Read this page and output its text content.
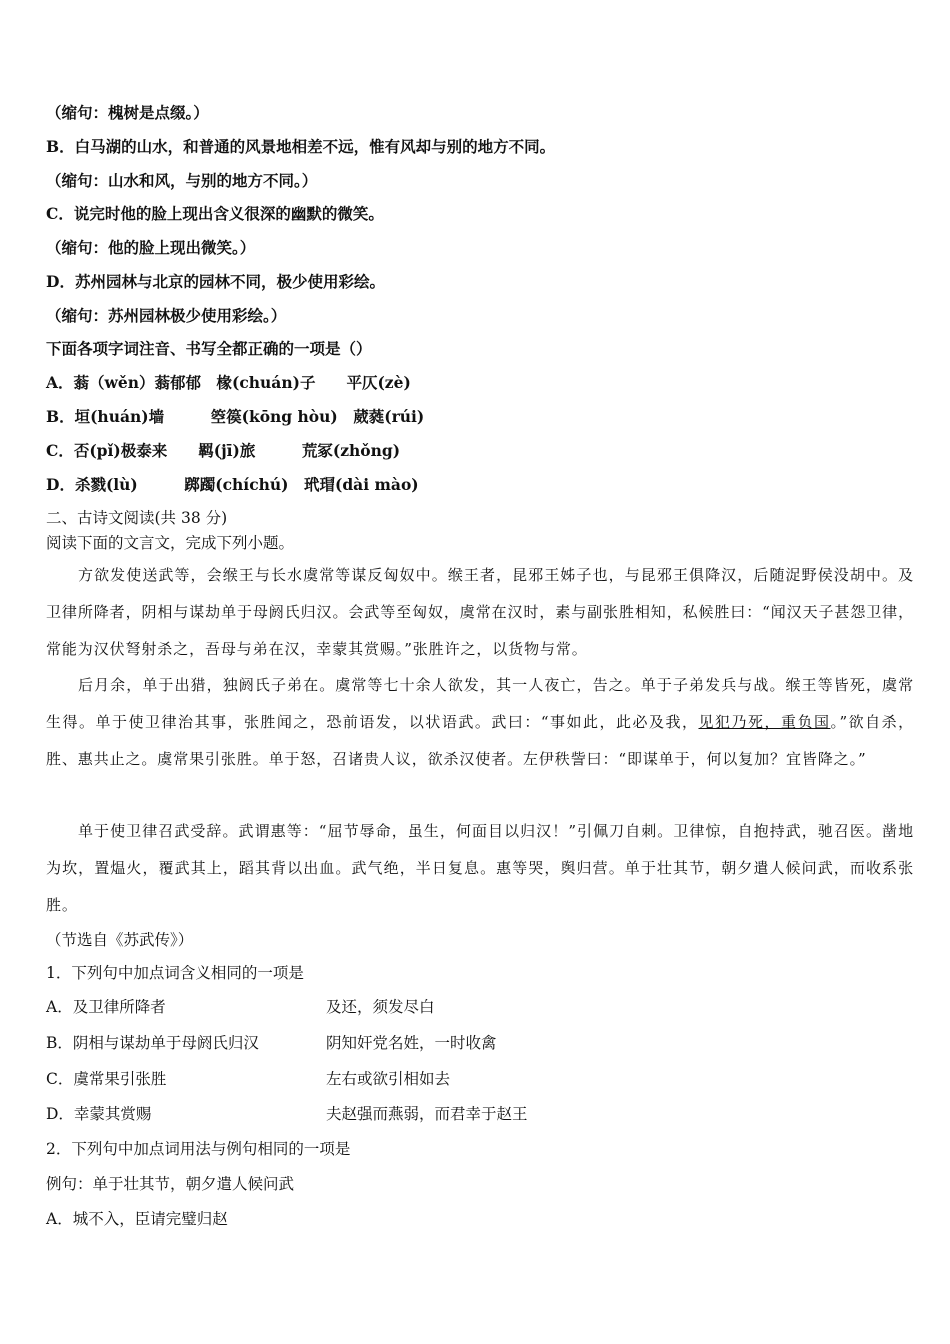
（缩句：槐树是点缀。）
B．白马湖的山水，和普通的风景地相差不远，惟有风却与别的地方不同。
（缩句：山水和风，与别的地方不同。）
C．说完时他的脸上现出含义很深的幽默的微笑。
（缩句：他的脸上现出微笑。）
D．苏州园林与北京的园林不同，极少使用彩绘。
（缩句：苏州园林极少使用彩绘。）
下面各项字词注音、书写全都正确的一项是（）
A．蓊（wěn）蓊郁郁　椽(chuán)子　　平仄(zè)
B．垣(huán)墙　　　箜篌(kōng hòu)　葳蕤(rúi)
C．否(pǐ)极泰来　　羁(jī)旅　　　荒冢(zhǒng)
D．杀戮(lù)　　　踯躅(chíchú)　玳瑁(dài mào)
二、古诗文阅读(共 38 分)
阅读下面的文言文，完成下列小题。
方欲发使送武等，会缑王与长水虞常等谋反匈奴中。缑王者，昆邪王姊子也，与昆邪王俱降汉，后随浞野侯没胡中。及卫律所降者，阴相与谋劫单于母阏氏归汉。会武等至匈奴，虞常在汉时，素与副张胜相知，私候胜曰：“闻汉天子甚怨卫律，常能为汉伏弩射杀之，吾母与弟在汉，幸蒙其赏赐。”张胜许之，以货物与常。
后月余，单于出猎，独阏氏子弟在。虞常等七十余人欲发，其一人夜亡，告之。单于子弟发兵与战。缑王等皆死，虞常生得。单于使卫律治其事，张胜闻之，恐前语发，以状语武。武曰：“事如此，此必及我，见犯乃死，重负国。”欲自杀，胜、惠共止之。虞常果引张胜。单于怒，召诸贵人议，欲杀汉使者。左伊秩訾曰：“即谋单于，何以复加？宜皆降之。”
单于使卫律召武受辞。武谓惠等：“屈节辱命，虽生，何面目以归汉！”引佩刀自刺。卫律惊，自抱持武，驰召医。凿地为坎，置煴火，覆武其上，蹈其背以出血。武气绝，半日复息。惠等哭，舆归营。单于壮其节，朝夕遣人候问武，而收系张胜。
（节选自《苏武传》）
1．下列句中加点词含义相同的一项是
A．及卫律所降者	及还，须发尽白
B．阴相与谋劫单于母阏氏归汉	阴知奸党名姓，一时收禽
C．虞常果引张胜	左右或欲引相如去
D．幸蒙其赏赐	夫赵强而燕弱，而君幸于赵王
2．下列句中加点词用法与例句相同的一项是
例句：单于壮其节，朝夕遣人候问武
A．城不入，臣请完璧归赵
